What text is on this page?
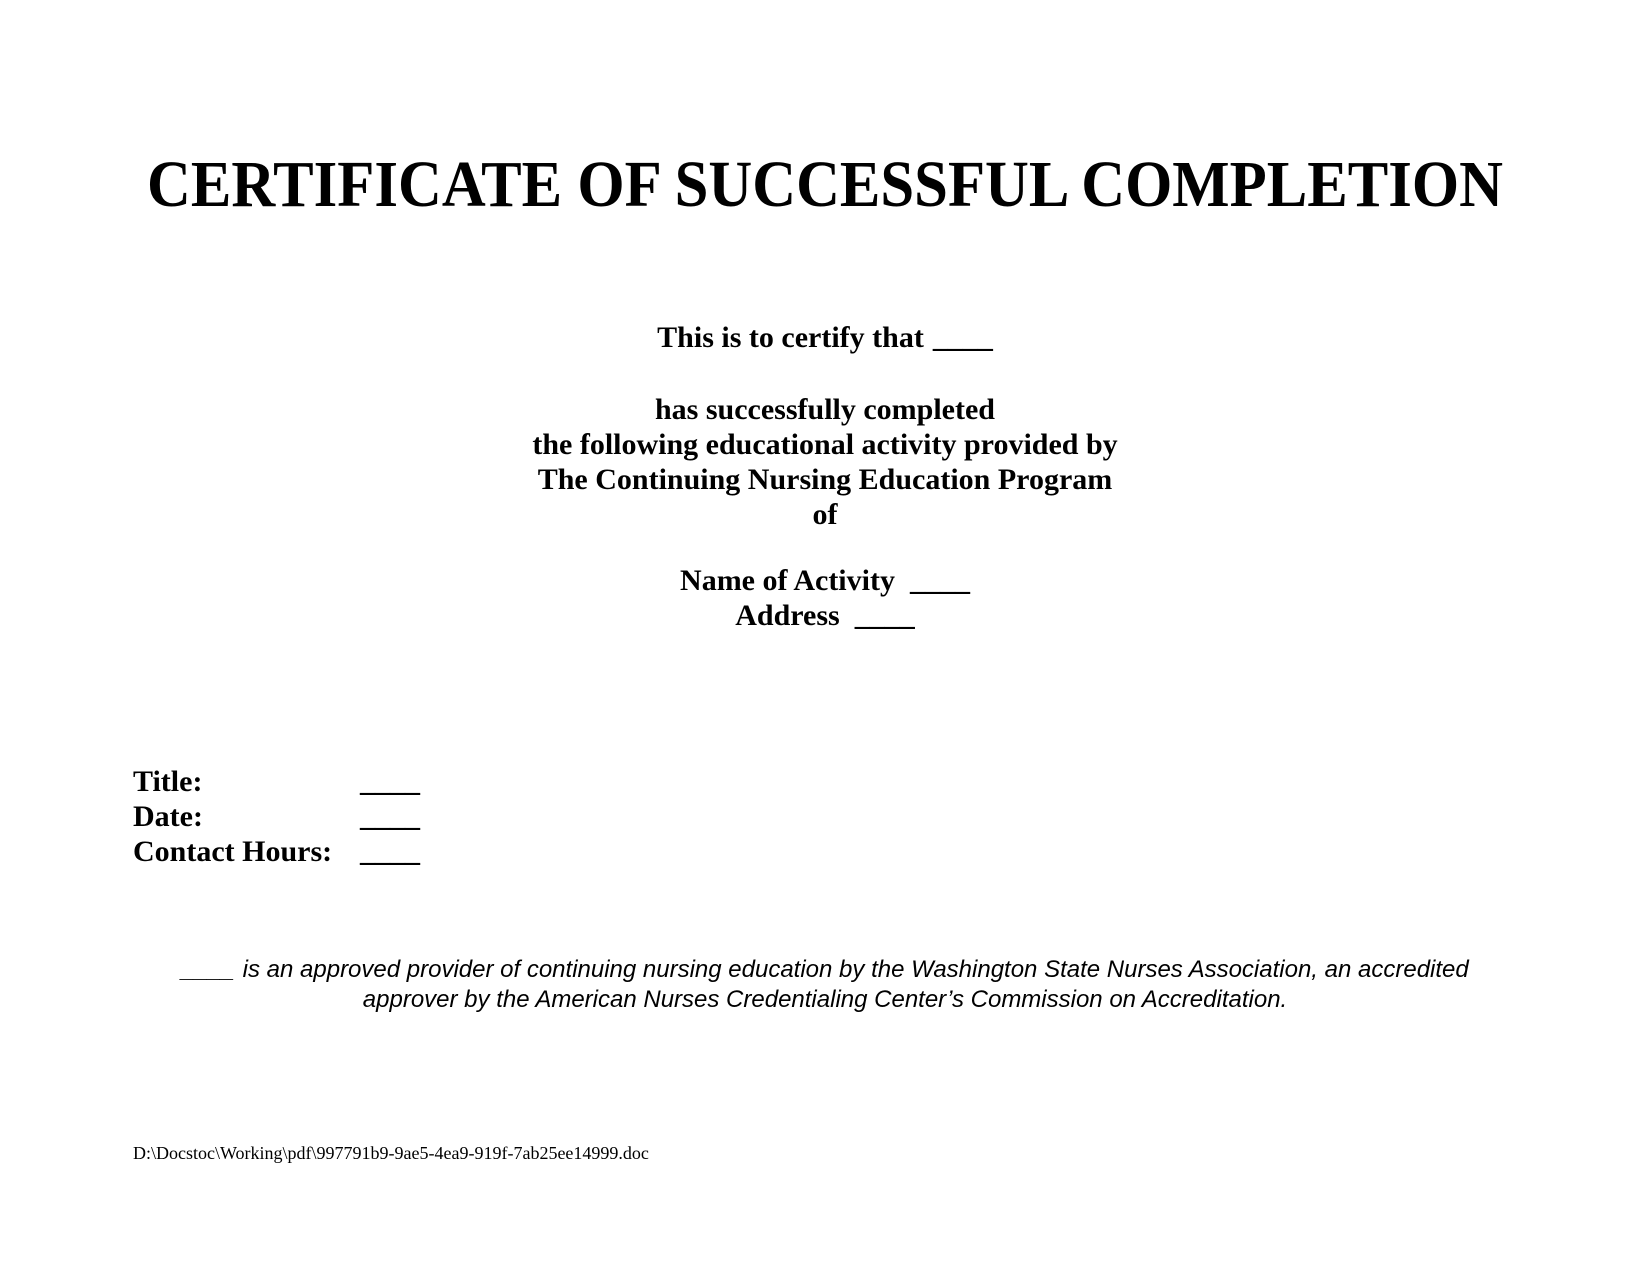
CERTIFICATE OF SUCCESSFUL COMPLETION

This is to certify that ____

has successfully completed
the following educational activity provided by
The Continuing Nursing Education Program
of
Name of Activity ____
Address ____
Title:	____
Date:	____
Contact Hours: ____

____ is an approved provider of continuing nursing education by the Washington State Nurses Association, an accredited
approver by the American Nurses Credentialing Center’s Commission on Accreditation.

D:\Docstoc\Working\pdf\997791b9-9ae5-4ea9-919f-7ab25ee14999.doc
